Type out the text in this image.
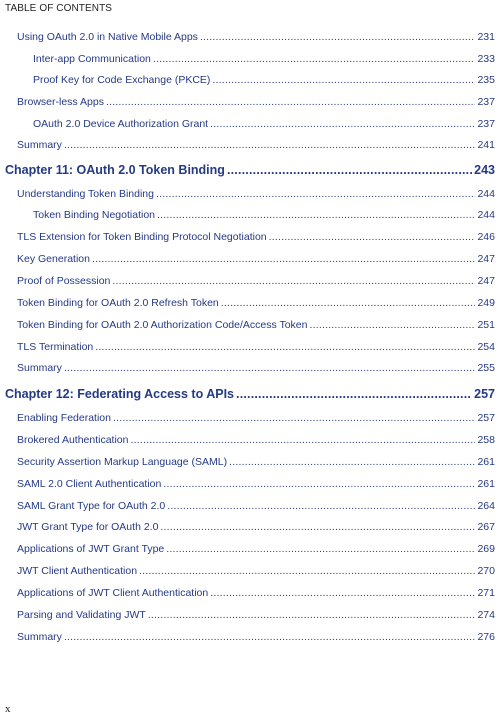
TABLE OF CONTENTS
Using OAuth 2.0 in Native Mobile Apps .....	231
Inter-app Communication .....	233
Proof Key for Code Exchange (PKCE) .....	235
Browser-less Apps .....	237
OAuth 2.0 Device Authorization Grant .....	237
Summary .....	241
Chapter 11: OAuth 2.0 Token Binding .....	243
Understanding Token Binding .....	244
Token Binding Negotiation .....	244
TLS Extension for Token Binding Protocol Negotiation .....	246
Key Generation .....	247
Proof of Possession .....	247
Token Binding for OAuth 2.0 Refresh Token .....	249
Token Binding for OAuth 2.0 Authorization Code/Access Token .....	251
TLS Termination .....	254
Summary .....	255
Chapter 12: Federating Access to APIs .....	257
Enabling Federation .....	257
Brokered Authentication .....	258
Security Assertion Markup Language (SAML) .....	261
SAML 2.0 Client Authentication .....	261
SAML Grant Type for OAuth 2.0 .....	264
JWT Grant Type for OAuth 2.0 .....	267
Applications of JWT Grant Type .....	269
JWT Client Authentication .....	270
Applications of JWT Client Authentication .....	271
Parsing and Validating JWT .....	274
Summary .....	276
x
